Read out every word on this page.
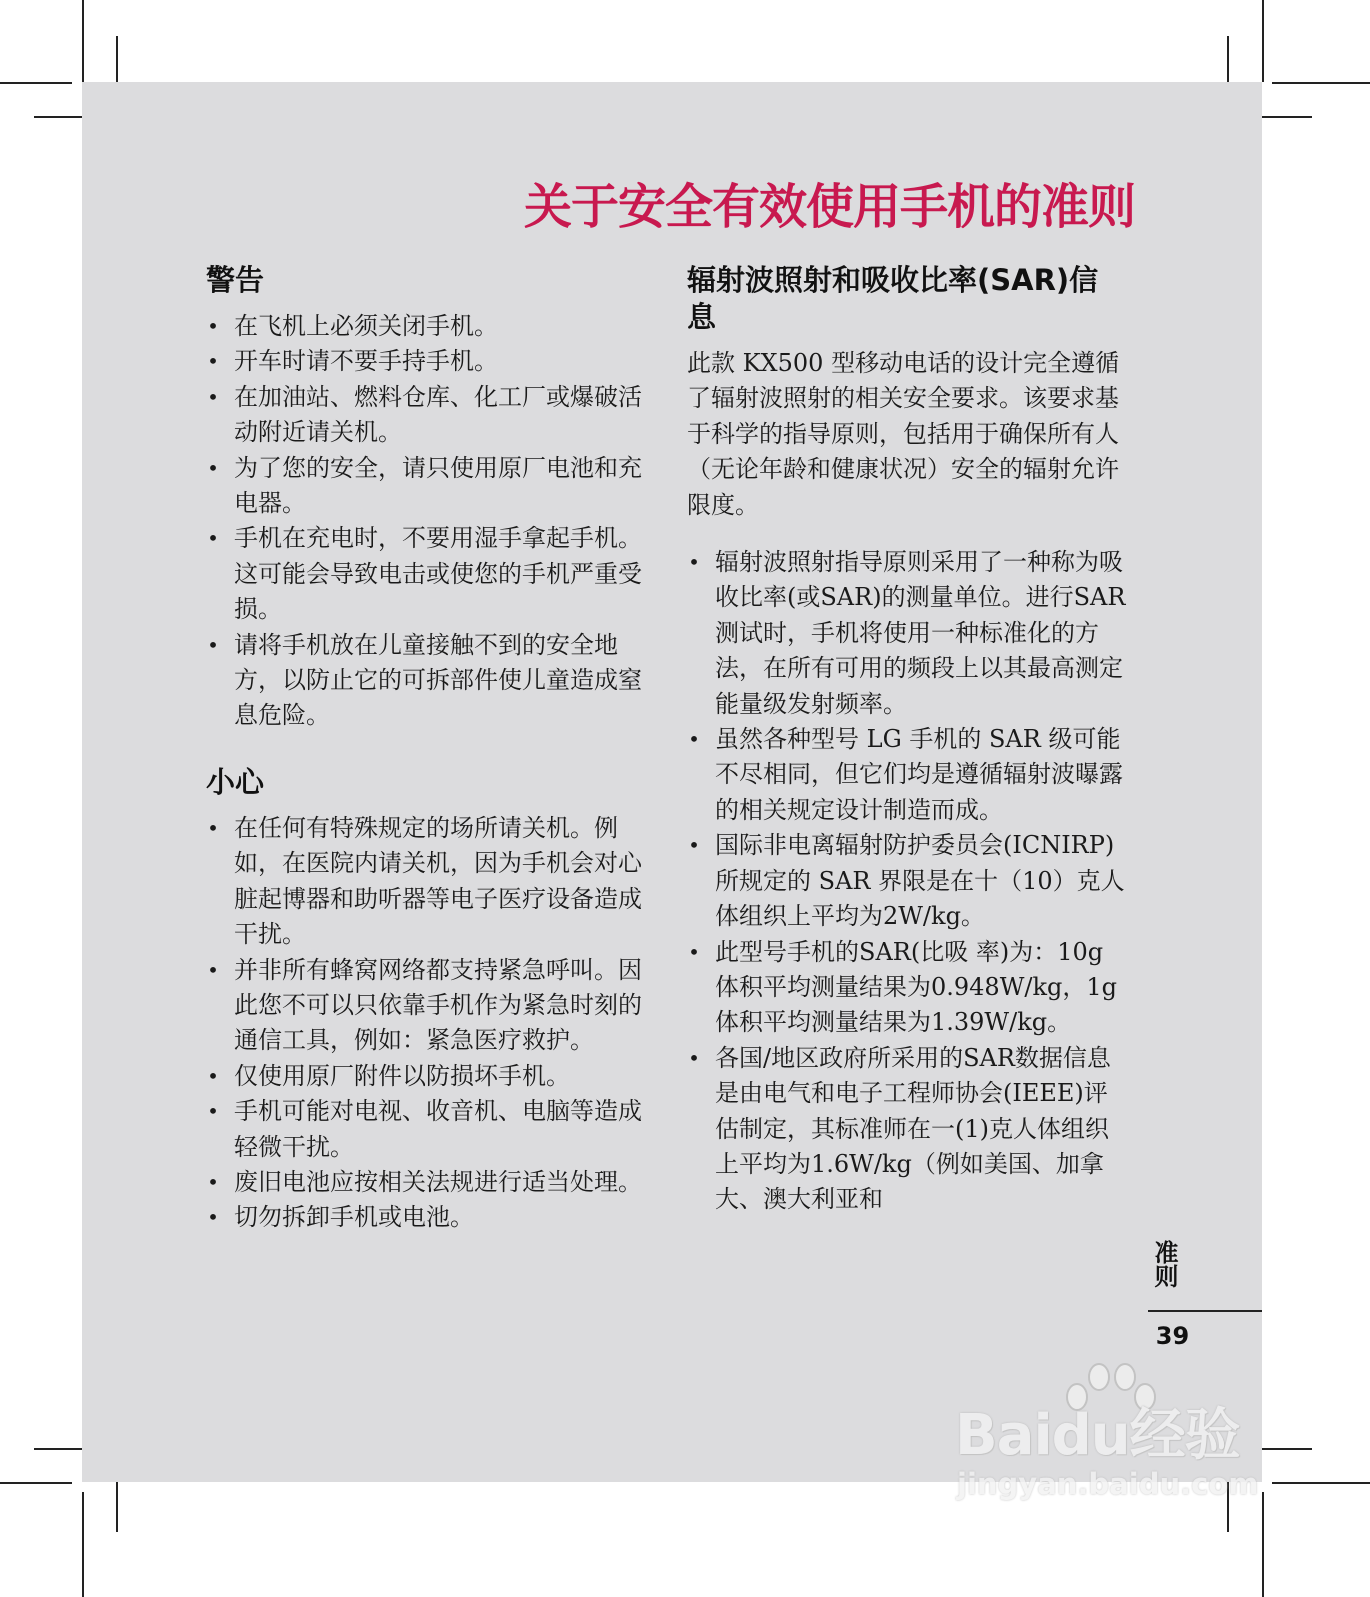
关于安全有效使用手机的准则
警告
• 在飞机上必须关闭手机。
• 开车时请不要手持手机。
• 在加油站、燃料仓库、化工厂或爆破活动附近请关机。
• 为了您的安全，请只使用原厂电池和充电器。
• 手机在充电时，不要用湿手拿起手机。这可能会导致电击或使您的手机严重受损。
• 请将手机放在儿童接触不到的安全地方，以防止它的可拆部件使儿童造成窒息危险。
小心
• 在任何有特殊规定的场所请关机。例如，在医院内请关机，因为手机会对心脏起博器和助听器等电子医疗设备造成干扰。
• 并非所有蜂窝网络都支持紧急呼叫。因此您不可以只依靠手机作为紧急时刻的通信工具，例如：紧急医疗救护。
• 仅使用原厂附件以防损坏手机。
• 手机可能对电视、收音机、电脑等造成轻微干扰。
• 废旧电池应按相关法规进行适当处理。
• 切勿拆卸手机或电池。
辐射波照射和吸收比率(SAR)信息

此款 KX500 型移动电话的设计完全遵循了辐射波照射的相关安全要求。该要求基于科学的指导原则，包括用于确保所有人（无论年龄和健康状况）安全的辐射允许限度。

• 辐射波照射指导原则采用了一种称为吸收比率(或SAR)的测量单位。进行SAR测试时，手机将使用一种标准化的方法，在所有可用的频段上以其最高测定能量级发射频率。
• 虽然各种型号 LG 手机的 SAR 级可能不尽相同，但它们均是遵循辐射波曝露的相关规定设计制造而成。
• 国际非电离辐射防护委员会(ICNIRP)所规定的 SAR 界限是在十（10）克人体组织上平均为2W/kg。
• 此型号手机的SAR(比吸 率)为：10g体积平均测量结果为0.948W/kg，1g体积平均测量结果为1.39W/kg。
• 各国/地区政府所采用的SAR数据信息是由电气和电子工程师协会(IEEE)评估制定，其标准师在一(1)克人体组织上平均为1.6W/kg（例如美国、加拿大、澳大利亚和
准则
39
Baidu经验
jingyan.baidu.com
